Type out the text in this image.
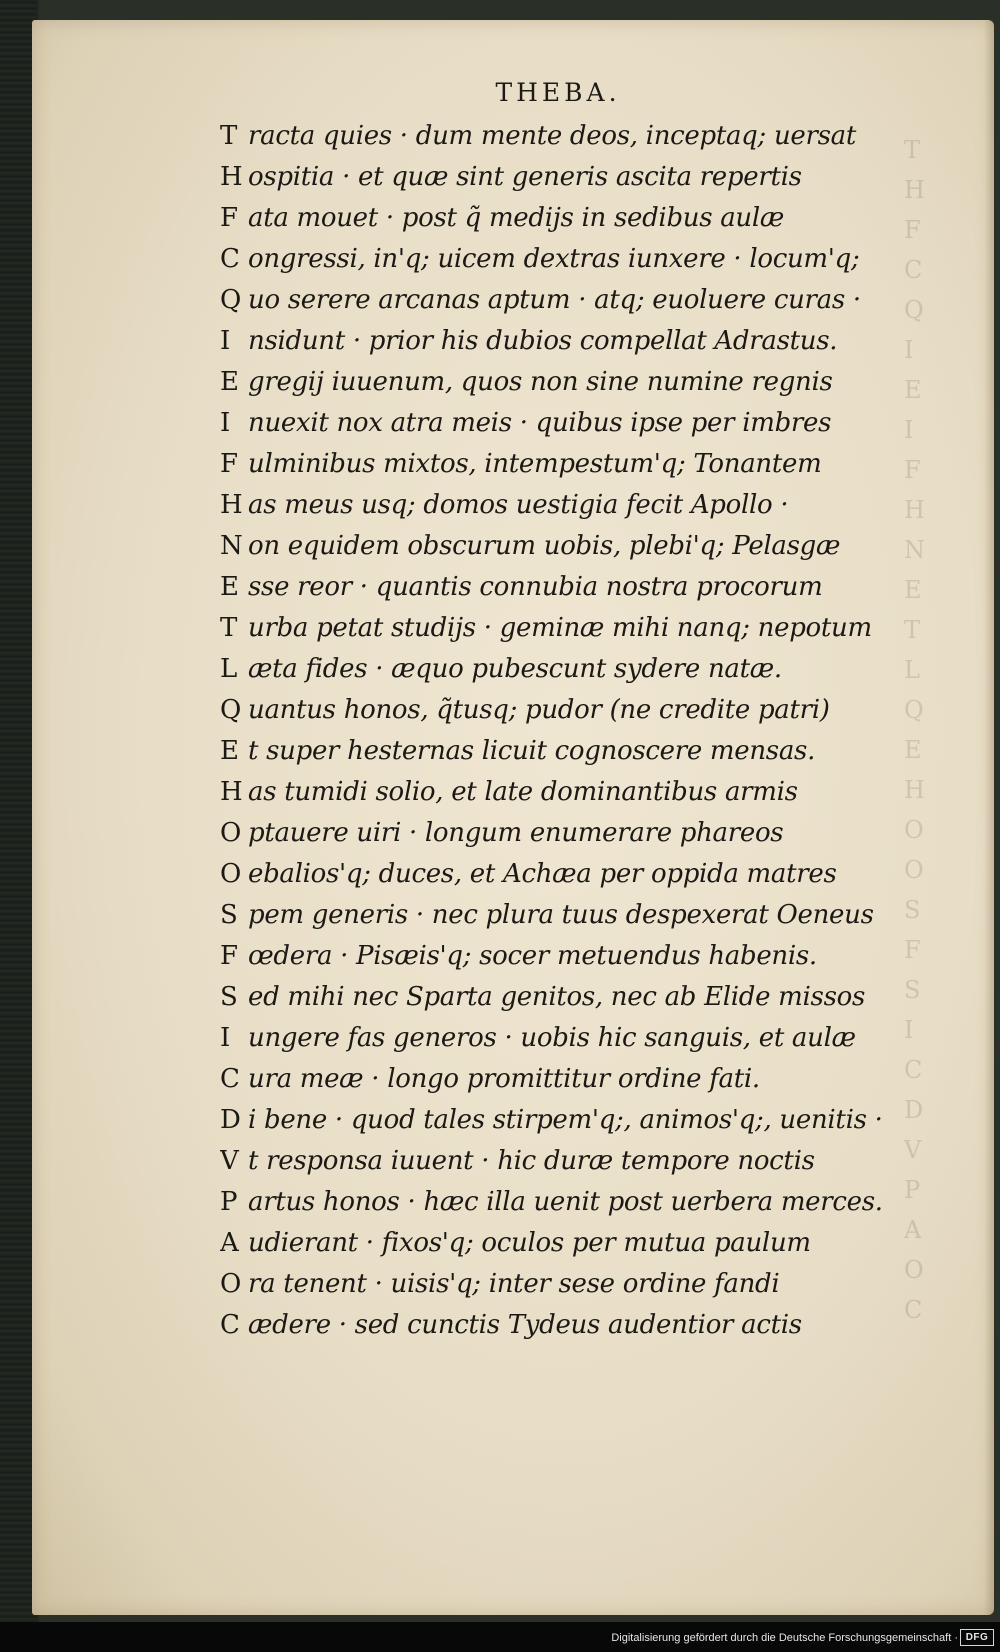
THEBA.
T racta quies · dum mente deos, inceptaq; uersat
H ospitia · et quæ sint generis ascita repertis
F ata mouet · post q̃ medijs in sedibus aulæ
C ongressi, in'q; uicem dextras iunxere · locum'q;
Q uo serere arcanas aptum · atq; euoluere curas ·
I nsidunt · prior his dubios compellat Adrastus.
E gregij iuuenum, quos non sine numine regnis
I nuexit nox atra meis · quibus ipse per imbres
F ulminibus mixtos, intempestum'q; Tonantem
H as meus usq; domos uestigia fecit Apollo ·
N on equidem obscurum uobis, plebi'q; Pelasgæ
E sse reor · quantis connubia nostra procorum
T urba petat studijs · geminæ mihi nanq; nepotum
L æta fides · æquo pubescunt sydere natæ.
Q uantus honos, q̃tusq; pudor (ne credite patri)
E t super hesternas licuit cognoscere mensas.
H as tumidi solio, et late dominantibus armis
O ptauere uiri · longum enumerare phareos
O ebalios'q; duces, et Achæa per oppida matres
S pem generis · nec plura tuus despexerat Oeneus
F œdera · Pisæis'q; socer metuendus habenis.
S ed mihi nec Sparta genitos, nec ab Elide missos
I ungere fas generos · uobis hic sanguis, et aulæ
C ura meæ · longo promittitur ordine fati.
D i bene · quod tales stirpem'q;, animos'q;, uenitis ·
V t responsa iuuent · hic duræ tempore noctis
P artus honos · hæc illa uenit post uerbera merces.
A udierant · fixos'q; oculos per mutua paulum
O ra tenent · uisis'q; inter sese ordine fandi
C ædere · sed cunctis Tydeus audentior actis
T
H
F
C
Q
I
E
I
F
H
N
E
T
L
Q
E
H
O
O
S
F
S
I
C
D
V
P
A
O
C
Digitalisierung gefördert durch die Deutsche Forschungsgemeinschaft · DFG
